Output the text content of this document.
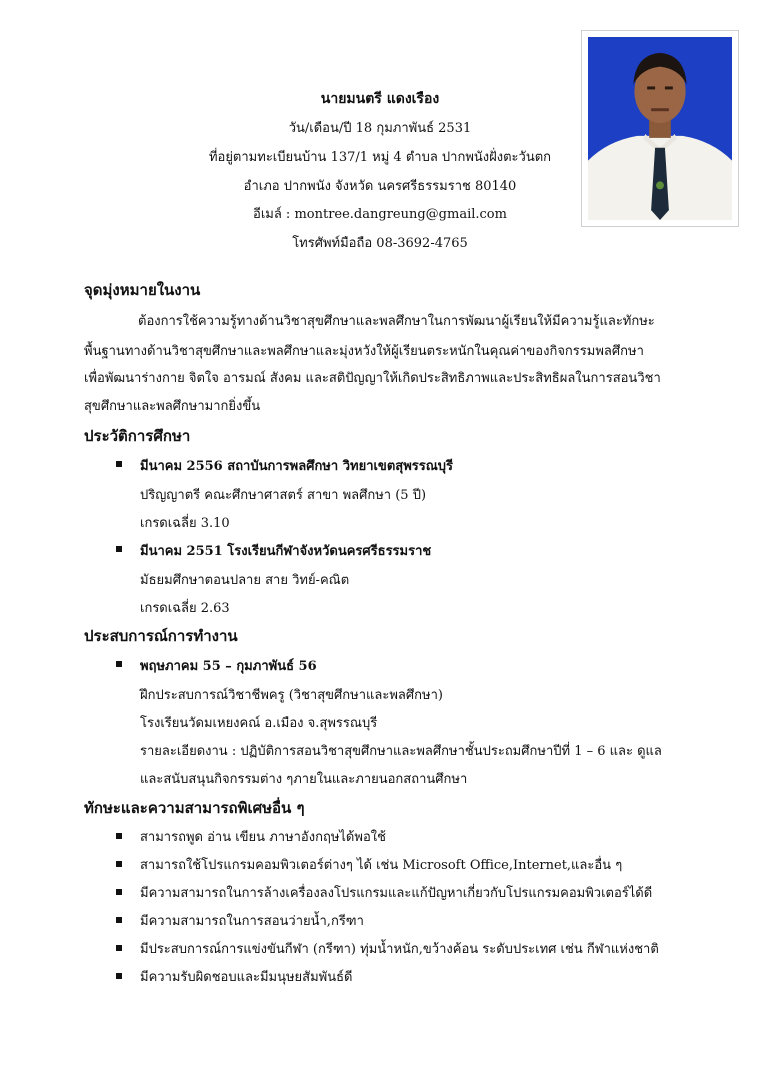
นายมนตรี แดงเรือง
วัน/เดือน/ปี 18 กุมภาพันธ์ 2531
ที่อยู่ตามทะเบียนบ้าน 137/1 หมู่ 4 ตำบล ปากพนังฝั่งตะวันตก
อำเภอ ปากพนัง จังหวัด นครศรีธรรมราช 80140
อีเมล์ : montree.dangreung@gmail.com
โทรศัพท์มือถือ 08-3692-4765
จุดมุ่งหมายในงาน
ต้องการใช้ความรู้ทางด้านวิชาสุขศึกษาและพลศึกษาในการพัฒนาผู้เรียนให้มีความรู้และทักษะ
พื้นฐานทางด้านวิชาสุขศึกษาและพลศึกษาและมุ่งหวังให้ผู้เรียนตระหนักในคุณค่าของกิจกรรมพลศึกษา
เพื่อพัฒนาร่างกาย จิตใจ อารมณ์ สังคม และสติปัญญาให้เกิดประสิทธิภาพและประสิทธิผลในการสอนวิชา
สุขศึกษาและพลศึกษามากยิ่งขึ้น
ประวัติการศึกษา
มีนาคม 2556 สถาบันการพลศึกษา วิทยาเขตสุพรรณบุรี
ปริญญาตรี คณะศึกษาศาสตร์ สาขา พลศึกษา (5 ปี)
เกรดเฉลี่ย 3.10
มีนาคม 2551 โรงเรียนกีฬาจังหวัดนครศรีธรรมราช
มัธยมศึกษาตอนปลาย สาย วิทย์-คณิต
เกรดเฉลี่ย 2.63
ประสบการณ์การทำงาน
พฤษภาคม 55 – กุมภาพันธ์ 56
ฝึกประสบการณ์วิชาชีพครู (วิชาสุขศึกษาและพลศึกษา)
โรงเรียนวัดมเหยงคณ์ อ.เมือง จ.สุพรรณบุรี
รายละเอียดงาน : ปฏิบัติการสอนวิชาสุขศึกษาและพลศึกษาชั้นประถมศึกษาปีที่ 1 – 6 และ ดูแล
และสนับสนุนกิจกรรมต่าง ๆภายในและภายนอกสถานศึกษา
ทักษะและความสามารถพิเศษอื่น ๆ
สามารถพูด อ่าน เขียน ภาษาอังกฤษได้พอใช้
สามารถใช้โปรแกรมคอมพิวเตอร์ต่างๆ ได้ เช่น Microsoft Office,Internet,และอื่น ๆ
มีความสามารถในการล้างเครื่องลงโปรแกรมและแก้ปัญหาเกี่ยวกับโปรแกรมคอมพิวเตอร์ได้ดี
มีความสามารถในการสอนว่ายน้ำ,กรีฑา
มีประสบการณ์การแข่งขันกีฬา (กรีฑา) ทุ่มน้ำหนัก,ขว้างค้อน ระดับประเทศ เช่น กีฬาแห่งชาติ
มีความรับผิดชอบและมีมนุษยสัมพันธ์ดี
